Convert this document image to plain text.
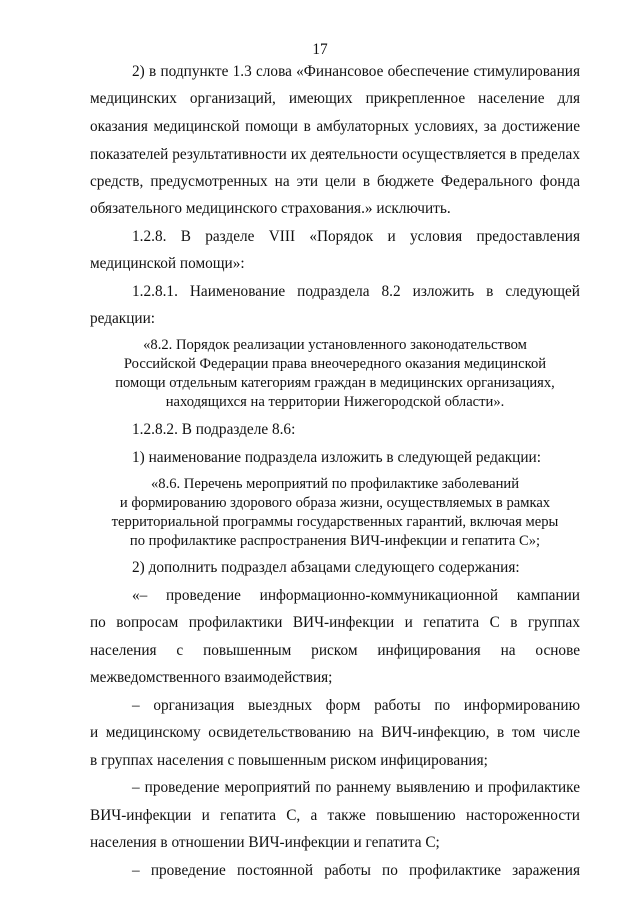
17
2) в подпункте 1.3 слова «Финансовое обеспечение стимулирования
медицинских организаций, имеющих прикрепленное население для
оказания медицинской помощи в амбулаторных условиях, за достижение
показателей результативности их деятельности осуществляется в пределах
средств, предусмотренных на эти цели в бюджете Федерального фонда
обязательного медицинского страхования.» исключить.
1.2.8. В разделе VIII «Порядок и условия предоставления
медицинской помощи»:
1.2.8.1. Наименование подраздела 8.2 изложить в следующей
редакции:
«8.2. Порядок реализации установленного законодательством
Российской Федерации права внеочередного оказания медицинской
помощи отдельным категориям граждан в медицинских организациях,
находящихся на территории Нижегородской области».
1.2.8.2. В подразделе 8.6:
1) наименование подраздела изложить в следующей редакции:
«8.6. Перечень мероприятий по профилактике заболеваний
и формированию здорового образа жизни, осуществляемых в рамках
территориальной программы государственных гарантий, включая меры
по профилактике распространения ВИЧ-инфекции и гепатита С»;
2) дополнить подраздел абзацами следующего содержания:
«– проведение информационно-коммуникационной кампании
по вопросам профилактики ВИЧ-инфекции и гепатита С в группах
населения с повышенным риском инфицирования на основе
межведомственного взаимодействия;
– организация выездных форм работы по информированию
и медицинскому освидетельствованию на ВИЧ-инфекцию, в том числе
в группах населения с повышенным риском инфицирования;
– проведение мероприятий по раннему выявлению и профилактике
ВИЧ-инфекции и гепатита С, а также повышению настороженности
населения в отношении ВИЧ-инфекции и гепатита С;
– проведение постоянной работы по профилактике заражения
